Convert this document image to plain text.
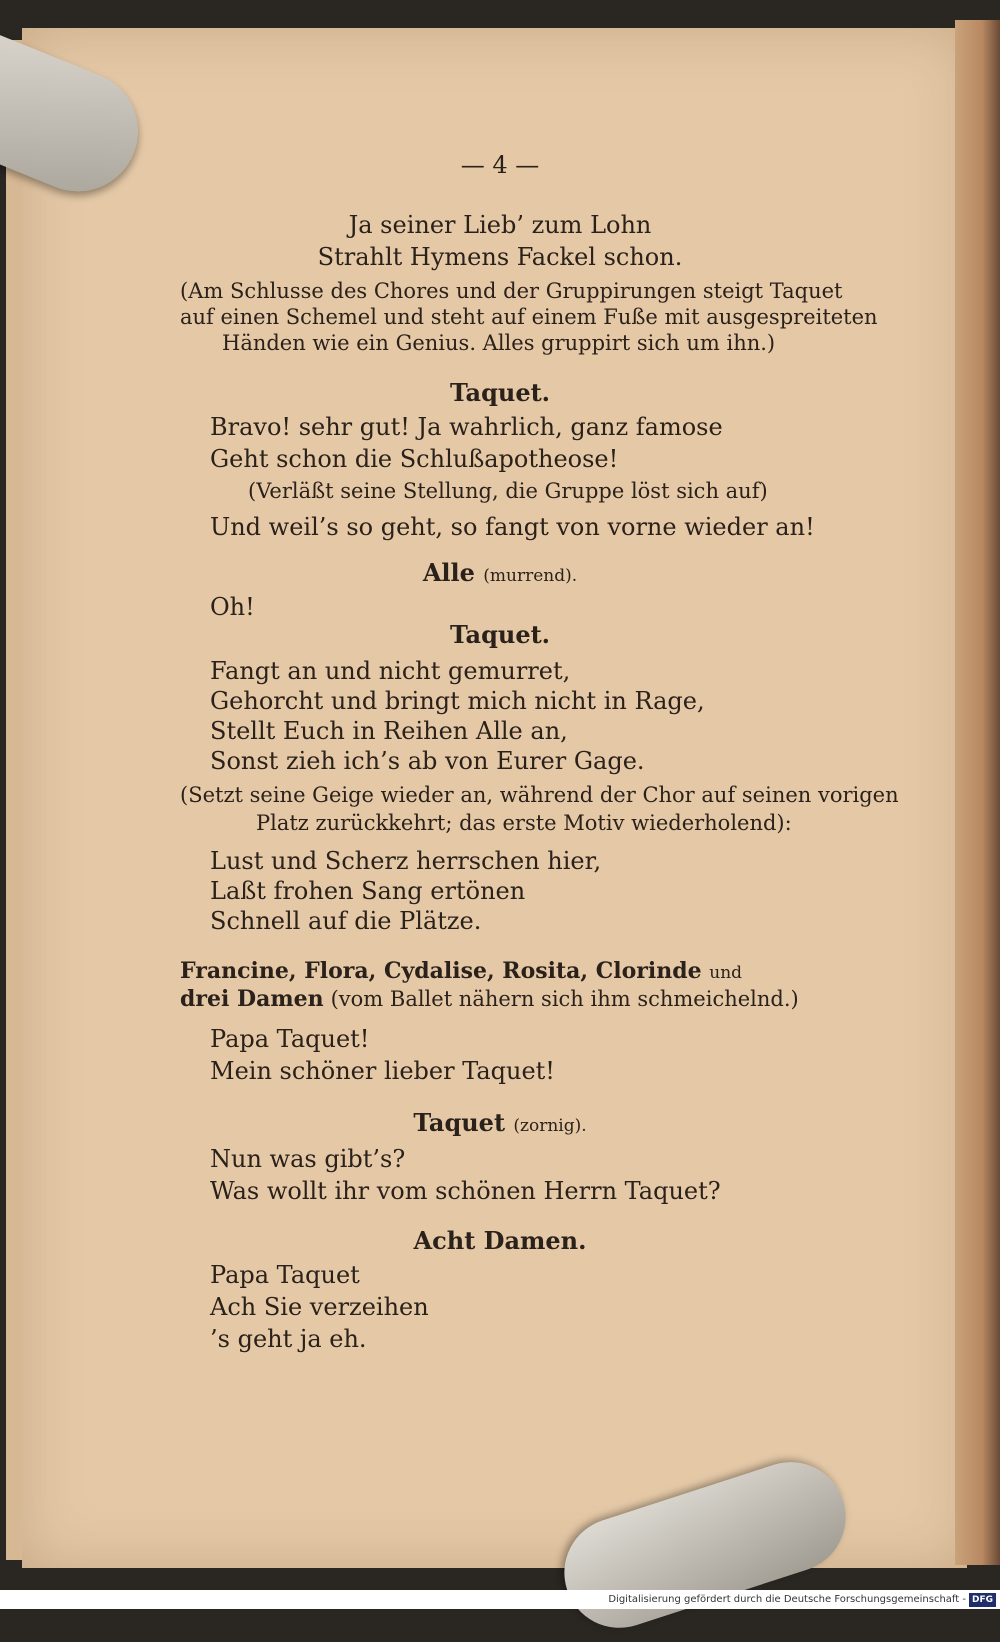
— 4 —
Ja seiner Lieb’ zum Lohn
Strahlt Hymens Fackel schon.
(Am Schlusse des Chores und der Gruppirungen steigt Taquet
auf einen Schemel und steht auf einem Fuße mit ausgespreiteten
Händen wie ein Genius. Alles gruppirt sich um ihn.)
Taquet.
Bravo! sehr gut! Ja wahrlich, ganz famose
Geht schon die Schlußapotheose!
(Verläßt seine Stellung, die Gruppe löst sich auf)
Und weil’s so geht, so fangt von vorne wieder an!
Alle (murrend).
Oh!
Taquet.
Fangt an und nicht gemurret,
Gehorcht und bringt mich nicht in Rage,
Stellt Euch in Reihen Alle an,
Sonst zieh ich’s ab von Eurer Gage.
(Setzt seine Geige wieder an, während der Chor auf seinen vorigen
Platz zurückkehrt; das erste Motiv wiederholend):
Lust und Scherz herrschen hier,
Laßt frohen Sang ertönen
Schnell auf die Plätze.
Francine, Flora, Cydalise, Rosita, Clorinde und
drei Damen (vom Ballet nähern sich ihm schmeichelnd.)
Papa Taquet!
Mein schöner lieber Taquet!
Taquet (zornig).
Nun was gibt’s?
Was wollt ihr vom schönen Herrn Taquet?
Acht Damen.
Papa Taquet
Ach Sie verzeihen
’s geht ja eh.
Digitalisierung gefördert durch die Deutsche Forschungsgemeinschaft - DFG
